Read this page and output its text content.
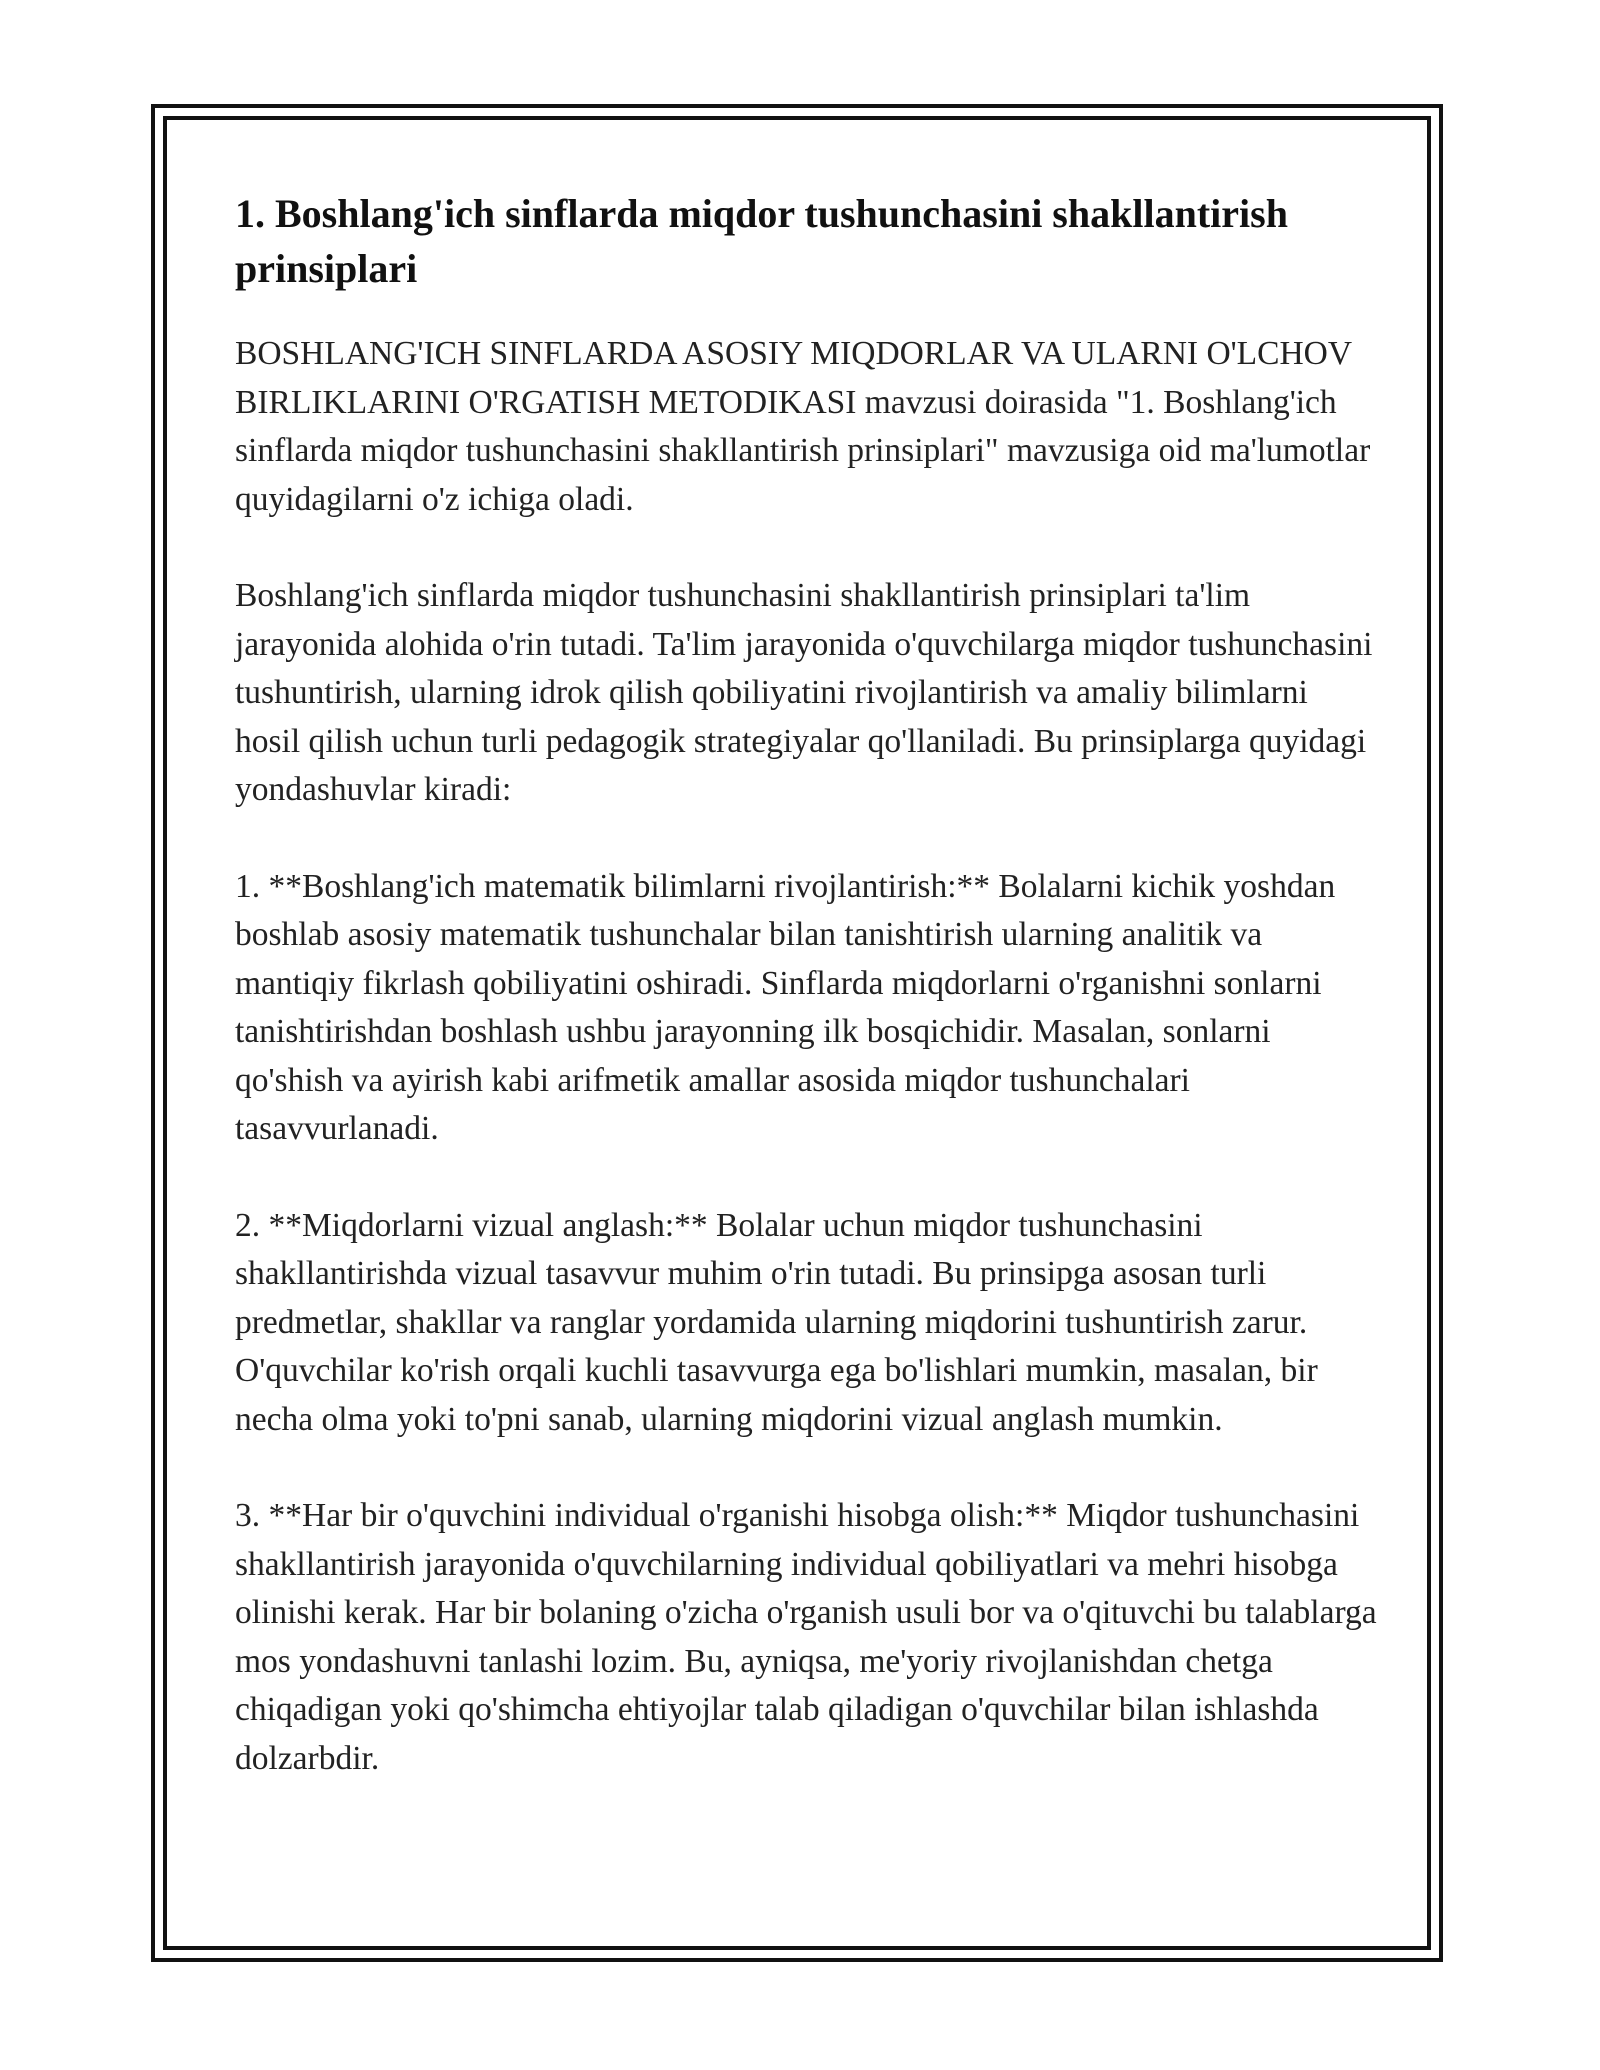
1. Boshlang'ich sinflarda miqdor tushunchasini shakllantirish prinsiplari

BOSHLANG'ICH SINFLARDA ASOSIY MIQDORLAR VA ULARNI O'LCHOV BIRLIKLARINI O'RGATISH METODIKASI mavzusi doirasida "1. Boshlang'ich sinflarda miqdor tushunchasini shakllantirish prinsiplari" mavzusiga oid ma'lumotlar quyidagilarni o'z ichiga oladi.

Boshlang'ich sinflarda miqdor tushunchasini shakllantirish prinsiplari ta'lim jarayonida alohida o'rin tutadi. Ta'lim jarayonida o'quvchilarga miqdor tushunchasini tushuntirish, ularning idrok qilish qobiliyatini rivojlantirish va amaliy bilimlarni hosil qilish uchun turli pedagogik strategiyalar qo'llaniladi. Bu prinsiplarga quyidagi yondashuvlar kiradi:

1. **Boshlang'ich matematik bilimlarni rivojlantirish:** Bolalarni kichik yoshdan boshlab asosiy matematik tushunchalar bilan tanishtirish ularning analitik va mantiqiy fikrlash qobiliyatini oshiradi. Sinflarda miqdorlarni o'rganishni sonlarni tanishtirishdan boshlash ushbu jarayonning ilk bosqichidir. Masalan, sonlarni qo'shish va ayirish kabi arifmetik amallar asosida miqdor tushunchalari tasavvurlanadi.

2. **Miqdorlarni vizual anglash:** Bolalar uchun miqdor tushunchasini shakllantirishda vizual tasavvur muhim o'rin tutadi. Bu prinsipga asosan turli predmetlar, shakllar va ranglar yordamida ularning miqdorini tushuntirish zarur. O'quvchilar ko'rish orqali kuchli tasavvurga ega bo'lishlari mumkin, masalan, bir necha olma yoki to'pni sanab, ularning miqdorini vizual anglash mumkin.

3. **Har bir o'quvchini individual o'rganishi hisobga olish:** Miqdor tushunchasini shakllantirish jarayonida o'quvchilarning individual qobiliyatlari va mehri hisobga olinishi kerak. Har bir bolaning o'zicha o'rganish usuli bor va o'qituvchi bu talablarga mos yondashuvni tanlashi lozim. Bu, ayniqsa, me'yoriy rivojlanishdan chetga chiqadigan yoki qo'shimcha ehtiyojlar talab qiladigan o'quvchilar bilan ishlashda dolzarbdir.
